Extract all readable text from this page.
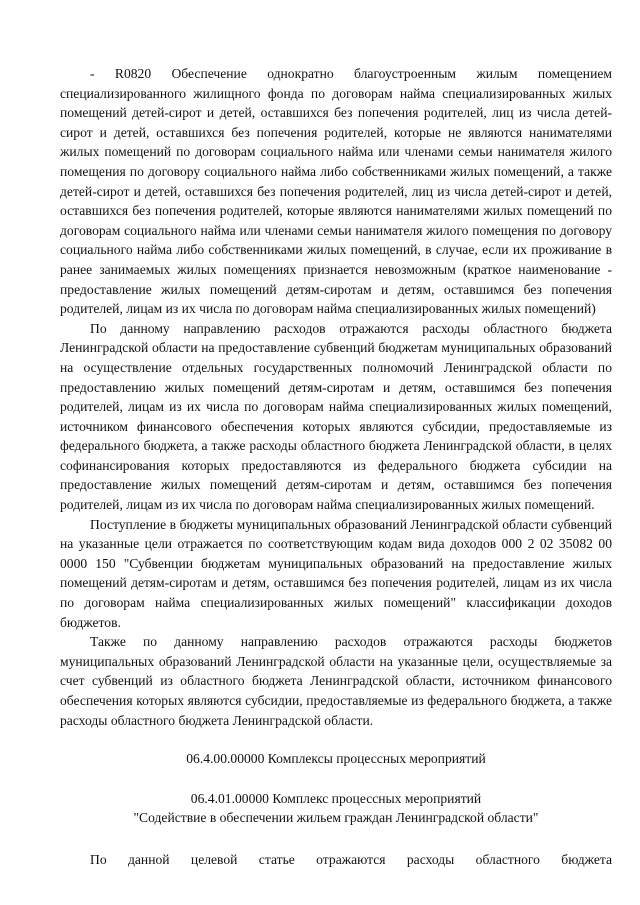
- R0820 Обеспечение однократно благоустроенным жилым помещением специализированного жилищного фонда по договорам найма специализированных жилых помещений детей-сирот и детей, оставшихся без попечения родителей, лиц из числа детей-сирот и детей, оставшихся без попечения родителей, которые не являются нанимателями жилых помещений по договорам социального найма или членами семьи нанимателя жилого помещения по договору социального найма либо собственниками жилых помещений, а также детей-сирот и детей, оставшихся без попечения родителей, лиц из числа детей-сирот и детей, оставшихся без попечения родителей, которые являются нанимателями жилых помещений по договорам социального найма или членами семьи нанимателя жилого помещения по договору социального найма либо собственниками жилых помещений, в случае, если их проживание в ранее занимаемых жилых помещениях признается невозможным (краткое наименование - предоставление жилых помещений детям-сиротам и детям, оставшимся без попечения родителей, лицам из их числа по договорам найма специализированных жилых помещений)

По данному направлению расходов отражаются расходы областного бюджета Ленинградской области на предоставление субвенций бюджетам муниципальных образований на осуществление отдельных государственных полномочий Ленинградской области по предоставлению жилых помещений детям-сиротам и детям, оставшимся без попечения родителей, лицам из их числа по договорам найма специализированных жилых помещений, источником финансового обеспечения которых являются субсидии, предоставляемые из федерального бюджета, а также расходы областного бюджета Ленинградской области, в целях софинансирования которых предоставляются из федерального бюджета субсидии на предоставление жилых помещений детям-сиротам и детям, оставшимся без попечения родителей, лицам из их числа по договорам найма специализированных жилых помещений.

Поступление в бюджеты муниципальных образований Ленинградской области субвенций на указанные цели отражается по соответствующим кодам вида доходов 000 2 02 35082 00 0000 150 "Субвенции бюджетам муниципальных образований на предоставление жилых помещений детям-сиротам и детям, оставшимся без попечения родителей, лицам из их числа по договорам найма специализированных жилых помещений" классификации доходов бюджетов.

Также по данному направлению расходов отражаются расходы бюджетов муниципальных образований Ленинградской области на указанные цели, осуществляемые за счет субвенций из областного бюджета Ленинградской области, источником финансового обеспечения которых являются субсидии, предоставляемые из федерального бюджета, а также расходы областного бюджета Ленинградской области.

06.4.00.00000 Комплексы процессных мероприятий

06.4.01.00000 Комплекс процессных мероприятий

"Содействие в обеспечении жильем граждан Ленинградской области"

По данной целевой статье отражаются расходы областного бюджета
